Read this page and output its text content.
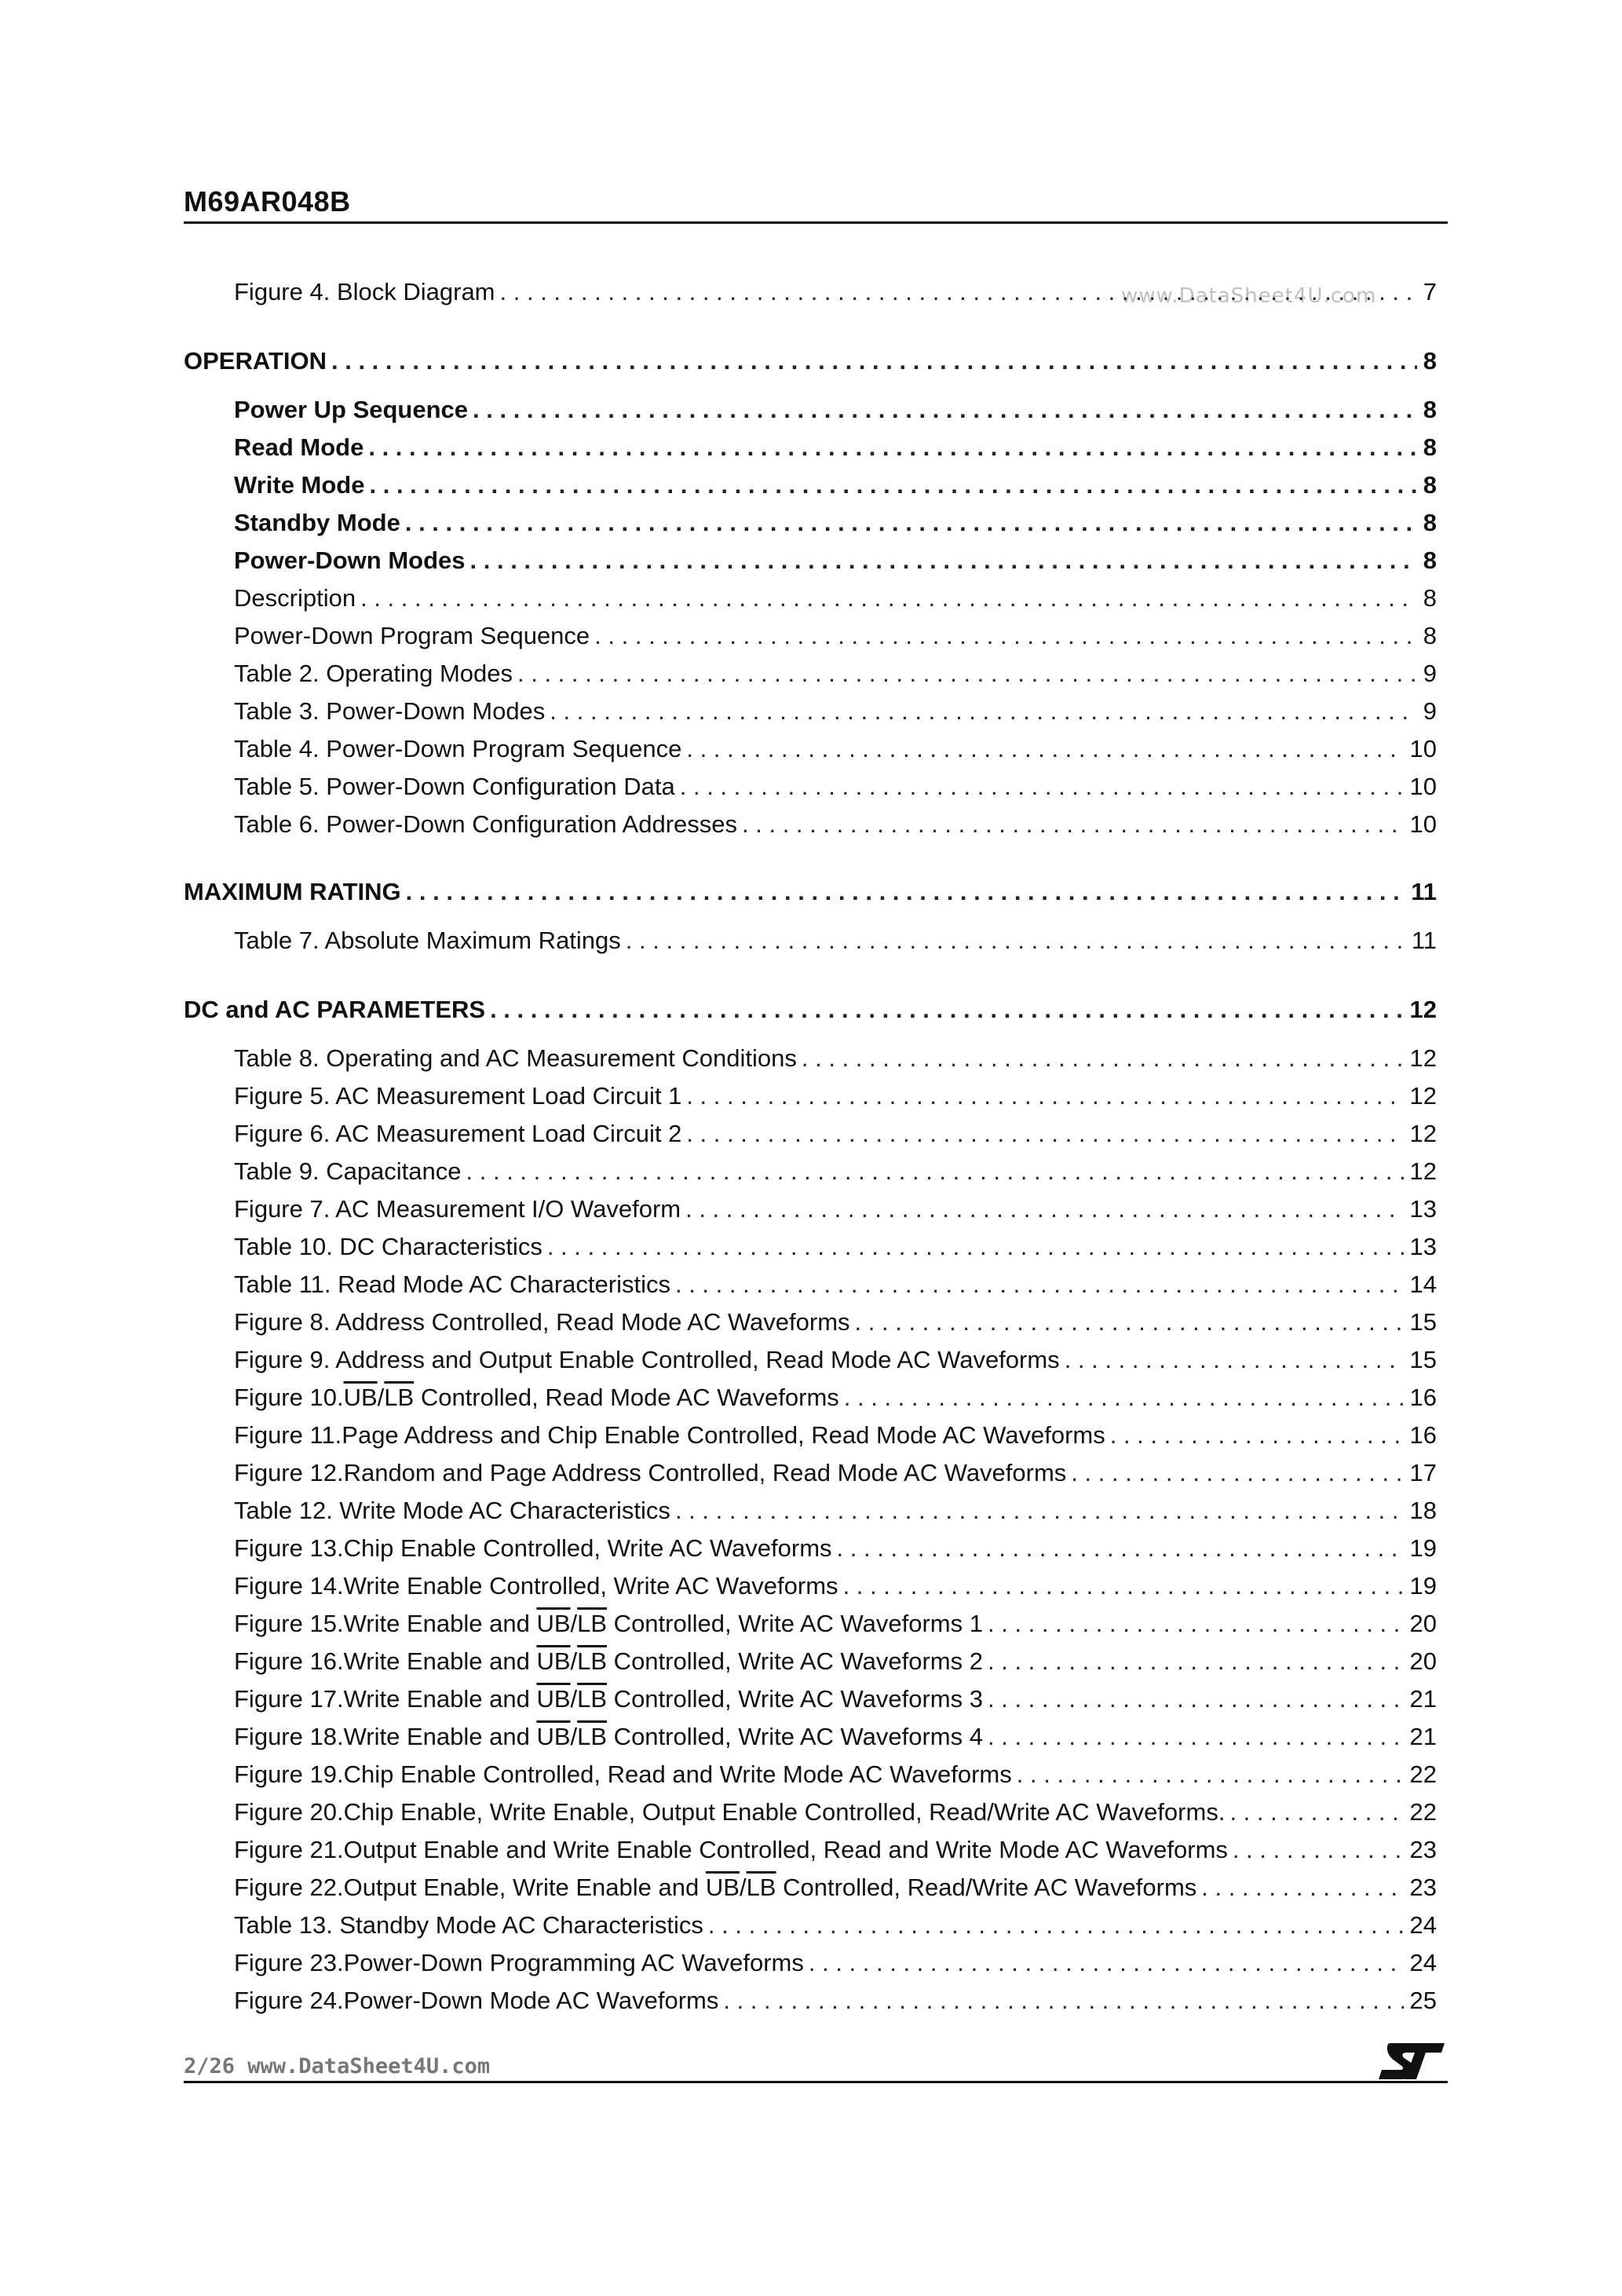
M69AR048B
www.DataSheet4U.com
Figure 4. Block Diagram . . .	7
OPERATION . . .	8
Power Up Sequence . . .	8
Read Mode . . .	8
Write Mode . . .	8
Standby Mode . . .	8
Power-Down Modes . . .	8
Description . . .	8
Power-Down Program Sequence . . .	8
Table 2. Operating Modes . . .	9
Table 3. Power-Down Modes . . .	9
Table 4. Power-Down Program Sequence . . .	10
Table 5. Power-Down Configuration Data . . .	10
Table 6. Power-Down Configuration Addresses . . .	10
MAXIMUM RATING . . .	11
Table 7. Absolute Maximum Ratings . . .	11
DC and AC PARAMETERS . . .	12
Table 8. Operating and AC Measurement Conditions . . .	12
Figure 5. AC Measurement Load Circuit 1 . . .	12
Figure 6. AC Measurement Load Circuit 2 . . .	12
Table 9. Capacitance . . .	12
Figure 7. AC Measurement I/O Waveform . . .	13
Table 10. DC Characteristics . . .	13
Table 11. Read Mode AC Characteristics . . .	14
Figure 8. Address Controlled, Read Mode AC Waveforms . . .	15
Figure 9. Address and Output Enable Controlled, Read Mode AC Waveforms . . .	15
Figure $10.\overline{UB}/\overline{LB}$ Controlled, Read Mode AC Waveforms . . .	16
Figure 11.Page Address and Chip Enable Controlled, Read Mode AC Waveforms . . .	16
Figure 12.Random and Page Address Controlled, Read Mode AC Waveforms . . .	17
Table 12. Write Mode AC Characteristics . . .	18
Figure 13.Chip Enable Controlled, Write AC Waveforms . . .	19
Figure 14.Write Enable Controlled, Write AC Waveforms . . .	19
Figure 15.Write Enable and $\overline{UB}/\overline{LB}$ Controlled, Write AC Waveforms 1 . . .	20
Figure 16.Write Enable and $\overline{UB}/\overline{LB}$ Controlled, Write AC Waveforms 2 . . .	20
Figure 17.Write Enable and $\overline{UB}/\overline{LB}$ Controlled, Write AC Waveforms 3 . . .	21
Figure 18.Write Enable and $\overline{UB}/\overline{LB}$ Controlled, Write AC Waveforms 4 . . .	21
Figure 19.Chip Enable Controlled, Read and Write Mode AC Waveforms . . .	22
Figure 20.Chip Enable, Write Enable, Output Enable Controlled, Read/Write AC Waveforms. . . .	22
Figure 21.Output Enable and Write Enable Controlled, Read and Write Mode AC Waveforms . . .	23
Figure 22.Output Enable, Write Enable and $\overline{UB}/\overline{LB}$ Controlled, Read/Write AC Waveforms . . .	23
Table 13. Standby Mode AC Characteristics . . .	24
Figure 23.Power-Down Programming AC Waveforms . . .	24
Figure 24.Power-Down Mode AC Waveforms . . .	25
2/26 www.DataSheet4U.com
